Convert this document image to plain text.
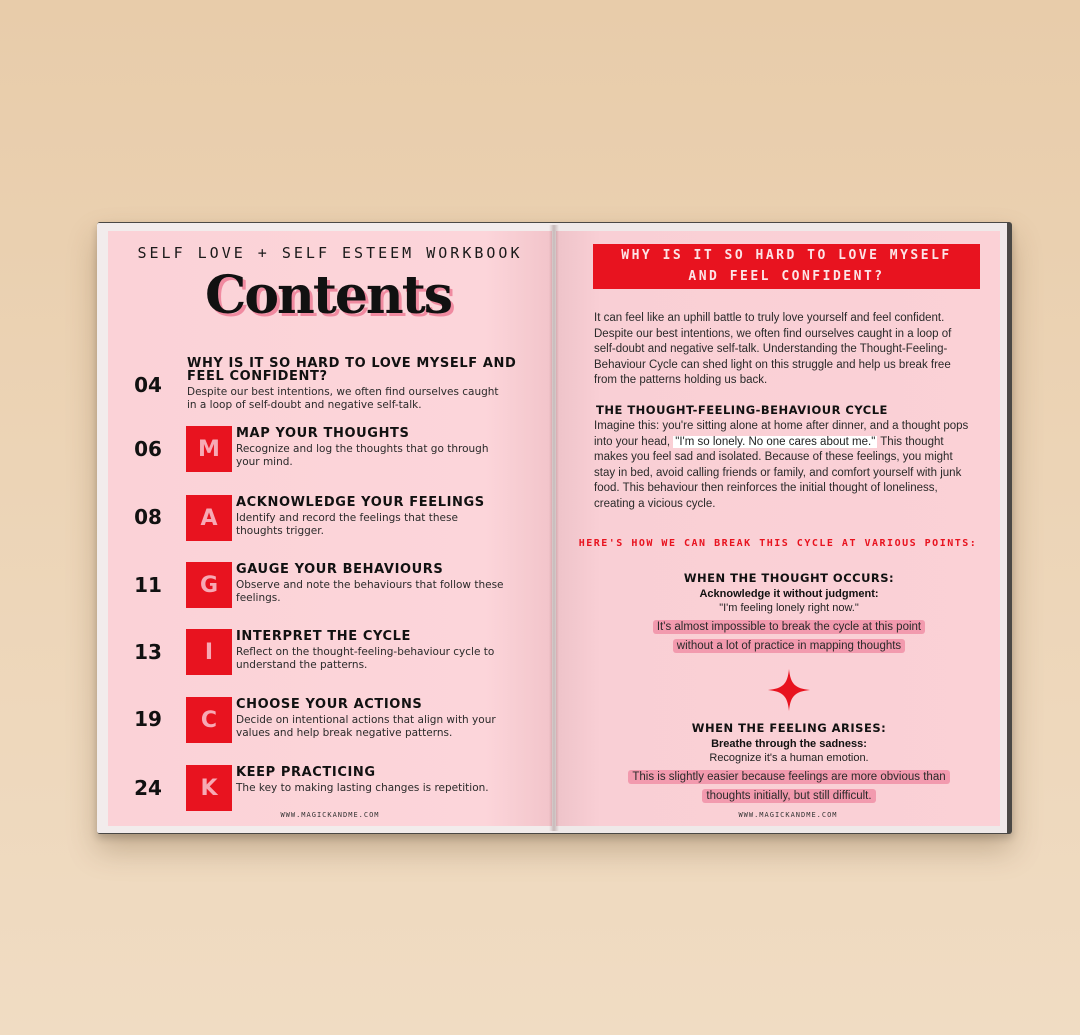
SELF LOVE + SELF ESTEEM WORKBOOK
Contents
04
WHY IS IT SO HARD TO LOVE MYSELF AND FEEL CONFIDENT?
Despite our best intentions, we often find ourselves caught in a loop of self-doubt and negative self-talk.
06	M
MAP YOUR THOUGHTS
Recognize and log the thoughts that go through your mind.
08	A
ACKNOWLEDGE YOUR FEELINGS
Identify and record the feelings that these thoughts trigger.
11	G
GAUGE YOUR BEHAVIOURS
Observe and note the behaviours that follow these feelings.
13	I
INTERPRET THE CYCLE
Reflect on the thought-feeling-behaviour cycle to understand the patterns.
19	C
CHOOSE YOUR ACTIONS
Decide on intentional actions that align with your values and help break negative patterns.
24	K
KEEP PRACTICING
The key to making lasting changes is repetition.
WWW.MAGICKANDME.COM
WHY IS IT SO HARD TO LOVE MYSELF
AND FEEL CONFIDENT?
It can feel like an uphill battle to truly love yourself and feel confident. Despite our best intentions, we often find ourselves caught in a loop of self-doubt and negative self-talk. Understanding the Thought-Feeling-Behaviour Cycle can shed light on this struggle and help us break free from the patterns holding us back.
THE THOUGHT-FEELING-BEHAVIOUR CYCLE
Imagine this: you're sitting alone at home after dinner, and a thought pops into your head, "I'm so lonely. No one cares about me." This thought makes you feel sad and isolated. Because of these feelings, you might stay in bed, avoid calling friends or family, and comfort yourself with junk food. This behaviour then reinforces the initial thought of loneliness, creating a vicious cycle.
HERE'S HOW WE CAN BREAK THIS CYCLE AT VARIOUS POINTS:
WHEN THE THOUGHT OCCURS:
Acknowledge it without judgment:
"I'm feeling lonely right now."
It's almost impossible to break the cycle at this point
without a lot of practice in mapping thoughts
WHEN THE FEELING ARISES:
Breathe through the sadness:
Recognize it's a human emotion.
This is slightly easier because feelings are more obvious than
thoughts initially, but still difficult.
WWW.MAGICKANDME.COM
